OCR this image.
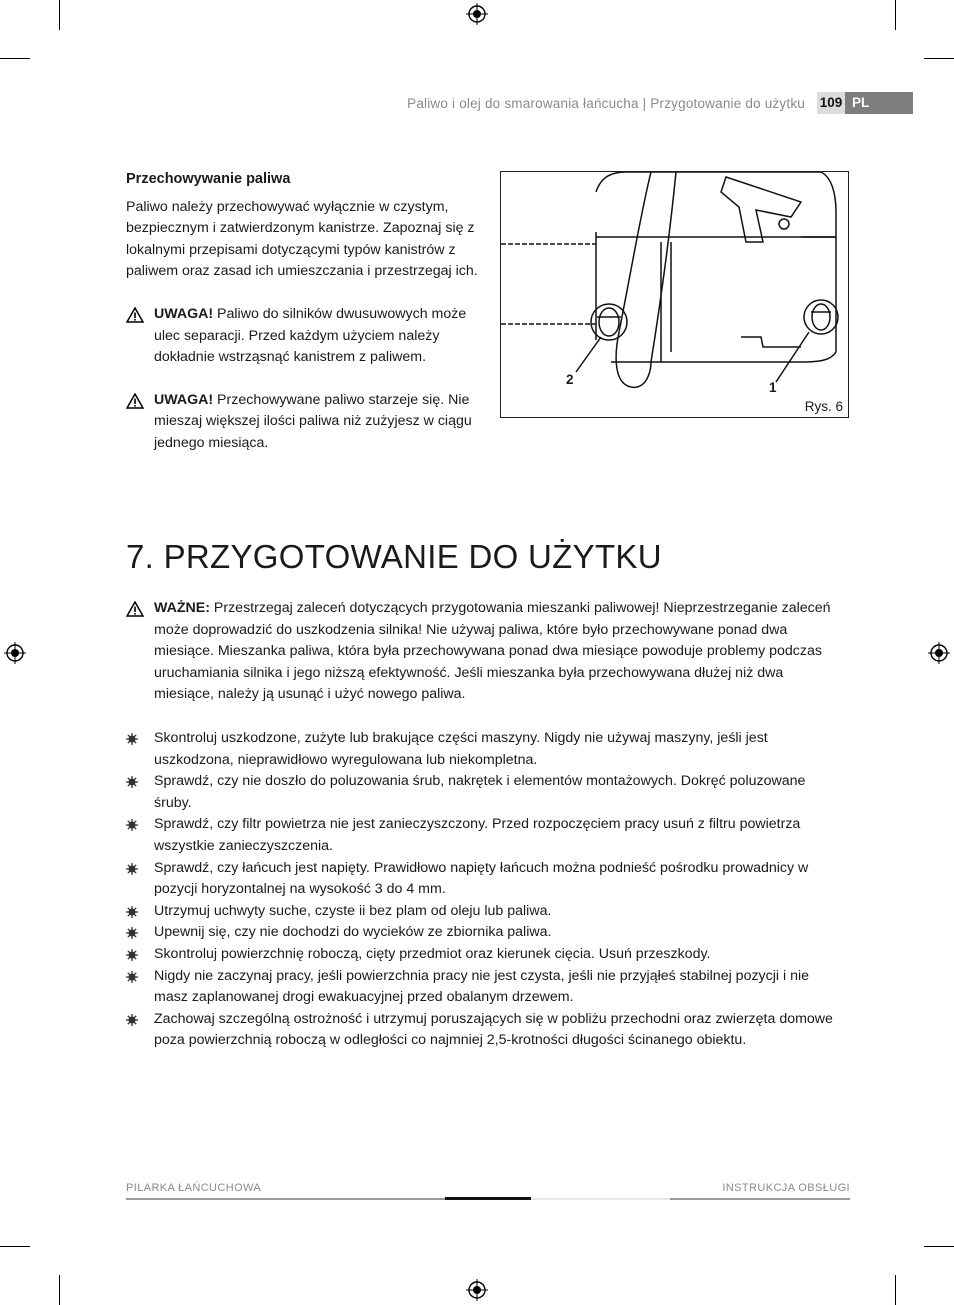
Paliwo i olej do smarowania łańcucha | Przygotowanie do użytku 109 PL
Przechowywanie paliwa

Paliwo należy przechowywać wyłącznie w czystym, bezpiecznym i zatwierdzonym kanistrze. Zapoznaj się z lokalnymi przepisami dotyczącymi typów kanistrów z paliwem oraz zasad ich umieszczania i przestrzegaj ich.

UWAGA! Paliwo do silników dwusuwowych może ulec separacji. Przed każdym użyciem należy dokładnie wstrząsnąć kanistrem z paliwem.
UWAGA! Przechowywane paliwo starzeje się. Nie mieszaj większej ilości paliwa niż zużyjesz w ciągu jednego miesiąca.
2
1
Rys. 6
7. PRZYGOTOWANIE DO UŻYTKU
WAŻNE: Przestrzegaj zaleceń dotyczących przygotowania mieszanki paliwowej! Nieprzestrzeganie zaleceń może doprowadzić do uszkodzenia silnika! Nie używaj paliwa, które było przechowywane ponad dwa miesiące. Mieszanka paliwa, która była przechowywana ponad dwa miesiące powoduje problemy podczas uruchamiania silnika i jego niższą efektywność. Jeśli mieszanka była przechowywana dłużej niż dwa miesiące, należy ją usunąć i użyć nowego paliwa.
Skontroluj uszkodzone, zużyte lub brakujące części maszyny. Nigdy nie używaj maszyny, jeśli jest uszkodzona, nieprawidłowo wyregulowana lub niekompletna.
Sprawdź, czy nie doszło do poluzowania śrub, nakrętek i elementów montażowych. Dokręć poluzowane śruby.
Sprawdź, czy filtr powietrza nie jest zanieczyszczony. Przed rozpoczęciem pracy usuń z filtru powietrza wszystkie zanieczyszczenia.
Sprawdź, czy łańcuch jest napięty. Prawidłowo napięty łańcuch można podnieść pośrodku prowadnicy w pozycji horyzontalnej na wysokość 3 do 4 mm.
Utrzymuj uchwyty suche, czyste ii bez plam od oleju lub paliwa.
Upewnij się, czy nie dochodzi do wycieków ze zbiornika paliwa.
Skontroluj powierzchnię roboczą, cięty przedmiot oraz kierunek cięcia. Usuń przeszkody.
Nigdy nie zaczynaj pracy, jeśli powierzchnia pracy nie jest czysta, jeśli nie przyjąłeś stabilnej pozycji i nie masz zaplanowanej drogi ewakuacyjnej przed obalanym drzewem.
Zachowaj szczególną ostrożność i utrzymuj poruszających się w pobliżu przechodni oraz zwierzęta domowe poza powierzchnią roboczą w odległości co najmniej 2,5-krotności długości ścinanego obiektu.
PILARKA ŁAŃCUCHOWA	INSTRUKCJA OBSŁUGI
